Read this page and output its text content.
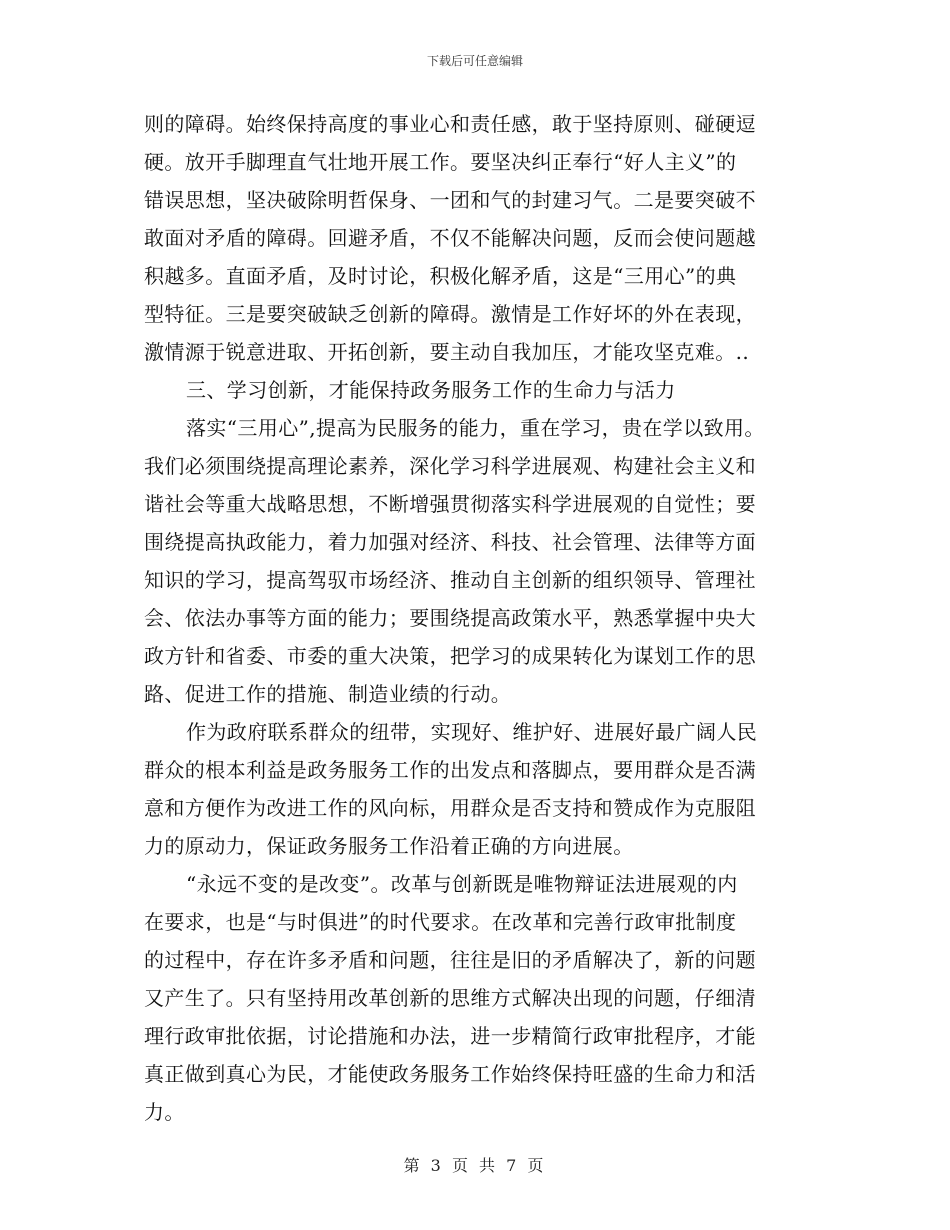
下载后可任意编辑
则的障碍。始终保持高度的事业心和责任感，敢于坚持原则、碰硬逗
硬。放开手脚理直气壮地开展工作。要坚决纠正奉行“好人主义”的
错误思想，坚决破除明哲保身、一团和气的封建习气。二是要突破不
敢面对矛盾的障碍。回避矛盾，不仅不能解决问题，反而会使问题越
积越多。直面矛盾，及时讨论，积极化解矛盾，这是“三用心”的典
型特征。三是要突破缺乏创新的障碍。激情是工作好坏的外在表现，
激情源于锐意进取、开拓创新，要主动自我加压，才能攻坚克难。..
三、学习创新，才能保持政务服务工作的生命力与活力
落实“三用心”,提高为民服务的能力，重在学习，贵在学以致用。
我们必须围绕提高理论素养，深化学习科学进展观、构建社会主义和
谐社会等重大战略思想，不断增强贯彻落实科学进展观的自觉性；要
围绕提高执政能力，着力加强对经济、科技、社会管理、法律等方面
知识的学习，提高驾驭市场经济、推动自主创新的组织领导、管理社
会、依法办事等方面的能力；要围绕提高政策水平，熟悉掌握中央大
政方针和省委、市委的重大决策，把学习的成果转化为谋划工作的思
路、促进工作的措施、制造业绩的行动。
作为政府联系群众的纽带，实现好、维护好、进展好最广阔人民
群众的根本利益是政务服务工作的出发点和落脚点，要用群众是否满
意和方便作为改进工作的风向标，用群众是否支持和赞成作为克服阻
力的原动力，保证政务服务工作沿着正确的方向进展。
“永远不变的是改变”。改革与创新既是唯物辩证法进展观的内
在要求，也是“与时俱进”的时代要求。在改革和完善行政审批制度
的过程中，存在许多矛盾和问题，往往是旧的矛盾解决了，新的问题
又产生了。只有坚持用改革创新的思维方式解决出现的问题，仔细清
理行政审批依据，讨论措施和办法，进一步精简行政审批程序，才能
真正做到真心为民，才能使政务服务工作始终保持旺盛的生命力和活
力。
第 3 页 共 7 页
